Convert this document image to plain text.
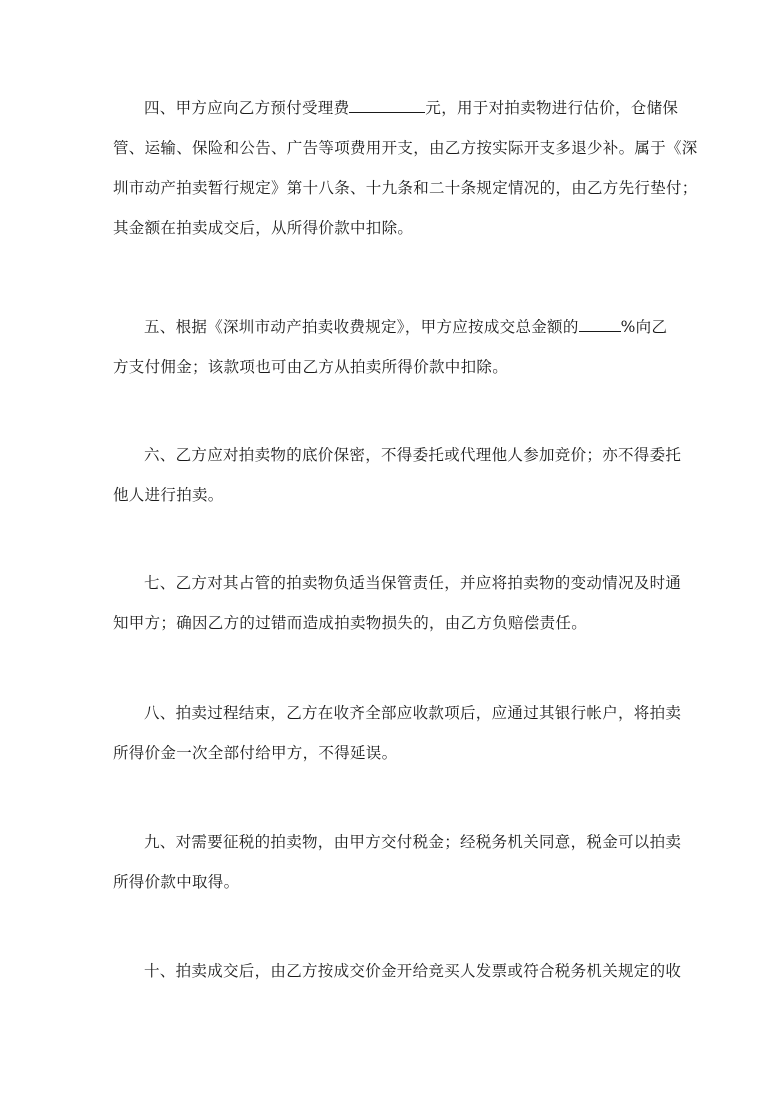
四、甲方应向乙方预付受理费	元，用于对拍卖物进行估价，仓储保
管、运输、保险和公告、广告等项费用开支，由乙方按实际开支多退少补。属于《深
圳市动产拍卖暂行规定》第十八条、十九条和二十条规定情况的，由乙方先行垫付；
其金额在拍卖成交后，从所得价款中扣除。

五、根据《深圳市动产拍卖收费规定》，甲方应按成交总金额的	%向乙
方支付佣金；该款项也可由乙方从拍卖所得价款中扣除。

六、乙方应对拍卖物的底价保密，不得委托或代理他人参加竞价；亦不得委托
他人进行拍卖。

七、乙方对其占管的拍卖物负适当保管责任，并应将拍卖物的变动情况及时通
知甲方；确因乙方的过错而造成拍卖物损失的，由乙方负赔偿责任。

八、拍卖过程结束，乙方在收齐全部应收款项后，应通过其银行帐户，将拍卖
所得价金一次全部付给甲方，不得延误。

九、对需要征税的拍卖物，由甲方交付税金；经税务机关同意，税金可以拍卖
所得价款中取得。

十、拍卖成交后，由乙方按成交价金开给竞买人发票或符合税务机关规定的收
